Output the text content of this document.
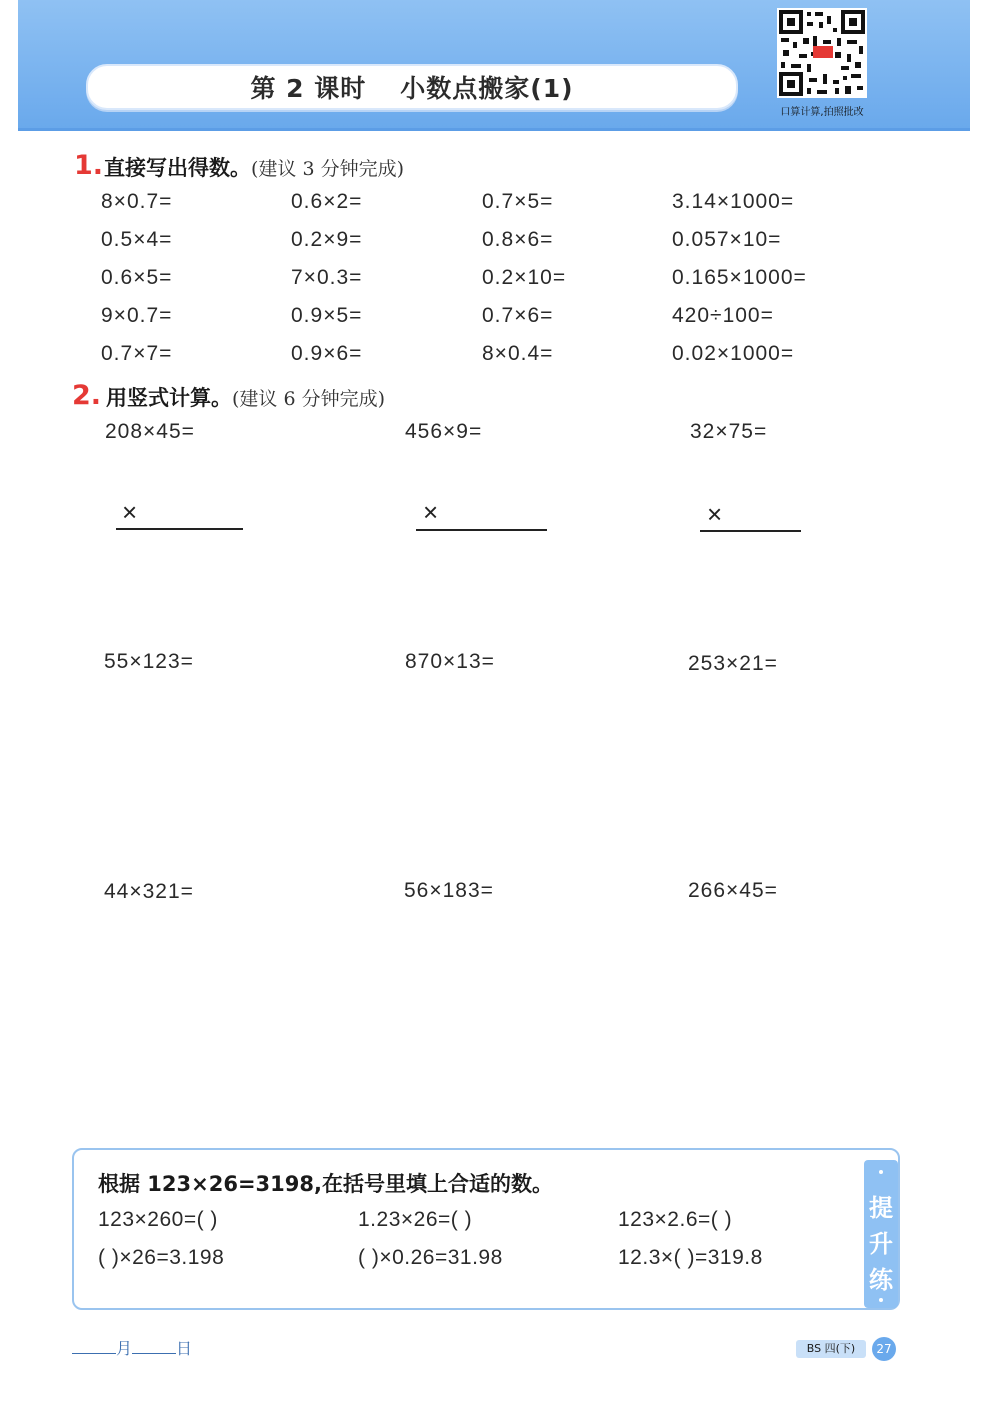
第 2 课时 小数点搬家(1)
口算计算,拍照批改
1. 直接写出得数。(建议 3 分钟完成)
8×0.7=	0.6×2=	0.7×5=	3.14×1000=
0.5×4=	0.2×9=	0.8×6=	0.057×10=
0.6×5=	7×0.3=	0.2×10=	0.165×1000=
9×0.7=	0.9×5=	0.7×6=	420÷100=
0.7×7=	0.9×6=	8×0.4=	0.02×1000=
2. 用竖式计算。(建议 6 分钟完成)
208×45=	456×9=	32×75=
×	×	×
55×123=	870×13=	253×21=
44×321=	56×183=	266×45=
提
升
练
根据 123×26=3198,在括号里填上合适的数。
123×260=( )	1.23×26=( )	123×2.6=( )
( )×26=3.198	( )×0.26=31.98	12.3×( )=319.8
月	日	BS 四(下)	27
